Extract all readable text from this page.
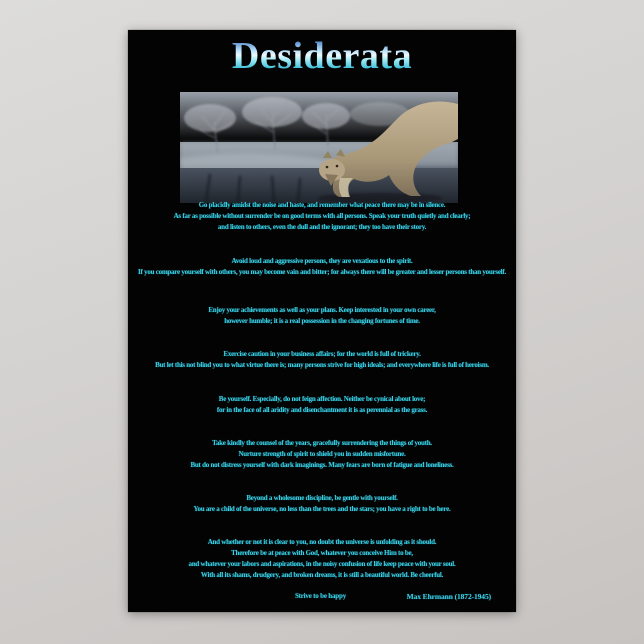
Desiderata
Go placidly amidst the noise and haste, and remember what peace there may be in silence.
As far as possible without surrender be on good terms with all persons. Speak your truth quietly and clearly;
and listen to others, even the dull and the ignorant; they too have their story.
Avoid loud and aggressive persons, they are vexatious to the spirit.
If you compare yourself with others, you may become vain and bitter; for always there will be greater and lesser persons than yourself.
Enjoy your achievements as well as your plans. Keep interested in your own career,
however humble; it is a real possession in the changing fortunes of time.
Exercise caution in your business affairs; for the world is full of trickery.
But let this not blind you to what virtue there is; many persons strive for high ideals; and everywhere life is full of heroism.
Be yourself. Especially, do not feign affection. Neither be cynical about love;
for in the face of all aridity and disenchantment it is as perennial as the grass.
Take kindly the counsel of the years, gracefully surrendering the things of youth.
Nurture strength of spirit to shield you in sudden misfortune.
But do not distress yourself with dark imaginings. Many fears are born of fatigue and loneliness.
Beyond a wholesome discipline, be gentle with yourself.
You are a child of the universe, no less than the trees and the stars; you have a right to be here.
And whether or not it is clear to you, no doubt the universe is unfolding as it should.
Therefore be at peace with God, whatever you conceive Him to be,
and whatever your labors and aspirations, in the noisy confusion of life keep peace with your soul.
With all its shams, drudgery, and broken dreams, it is still a beautiful world. Be cheerful.
Strive to be happy	Max Ehrmann (1872-1945)
